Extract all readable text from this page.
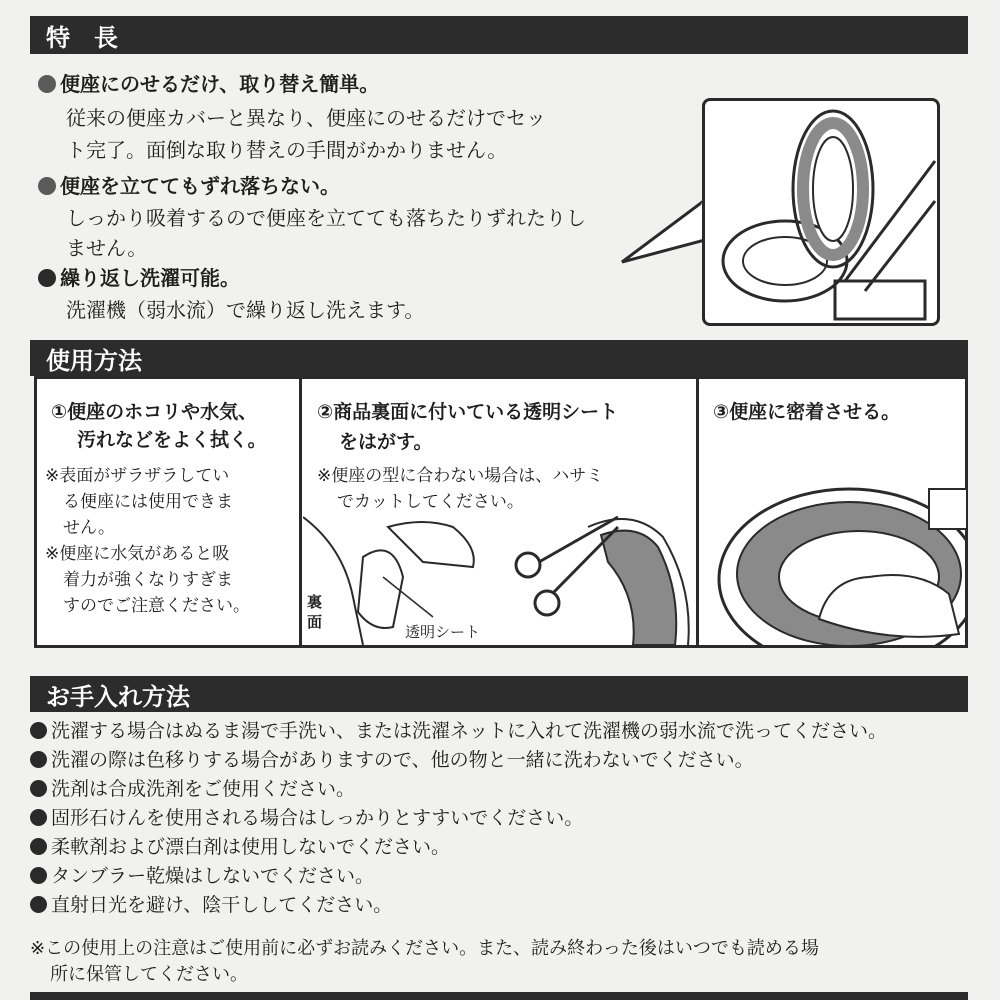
特　長
便座にのせるだけ、取り替え簡単。
従来の便座カバーと異なり、便座にのせるだけでセッ
ト完了。面倒な取り替えの手間がかかりません。
便座を立ててもずれ落ちない。
しっかり吸着するので便座を立てても落ちたりずれたりし
ません。
繰り返し洗濯可能。
洗濯機（弱水流）で繰り返し洗えます。
使用方法
①便座のホコリや水気、
汚れなどをよく拭く。
※表面がザラザラしてい
る便座には使用できま
せん。
※便座に水気があると吸
着力が強くなりすぎま
すのでご注意ください。
②商品裏面に付いている透明シート
をはがす。
※便座の型に合わない場合は、ハサミ
でカットしてください。
裏
面
透明シート
③便座に密着させる。
お手入れ方法
洗濯する場合はぬるま湯で手洗い、または洗濯ネットに入れて洗濯機の弱水流で洗ってください。
洗濯の際は色移りする場合がありますので、他の物と一緒に洗わないでください。
洗剤は合成洗剤をご使用ください。
固形石けんを使用される場合はしっかりとすすいでください。
柔軟剤および漂白剤は使用しないでください。
タンブラー乾燥はしないでください。
直射日光を避け、陰干ししてください。
※この使用上の注意はご使用前に必ずお読みください。また、読み終わった後はいつでも読める場
所に保管してください。
